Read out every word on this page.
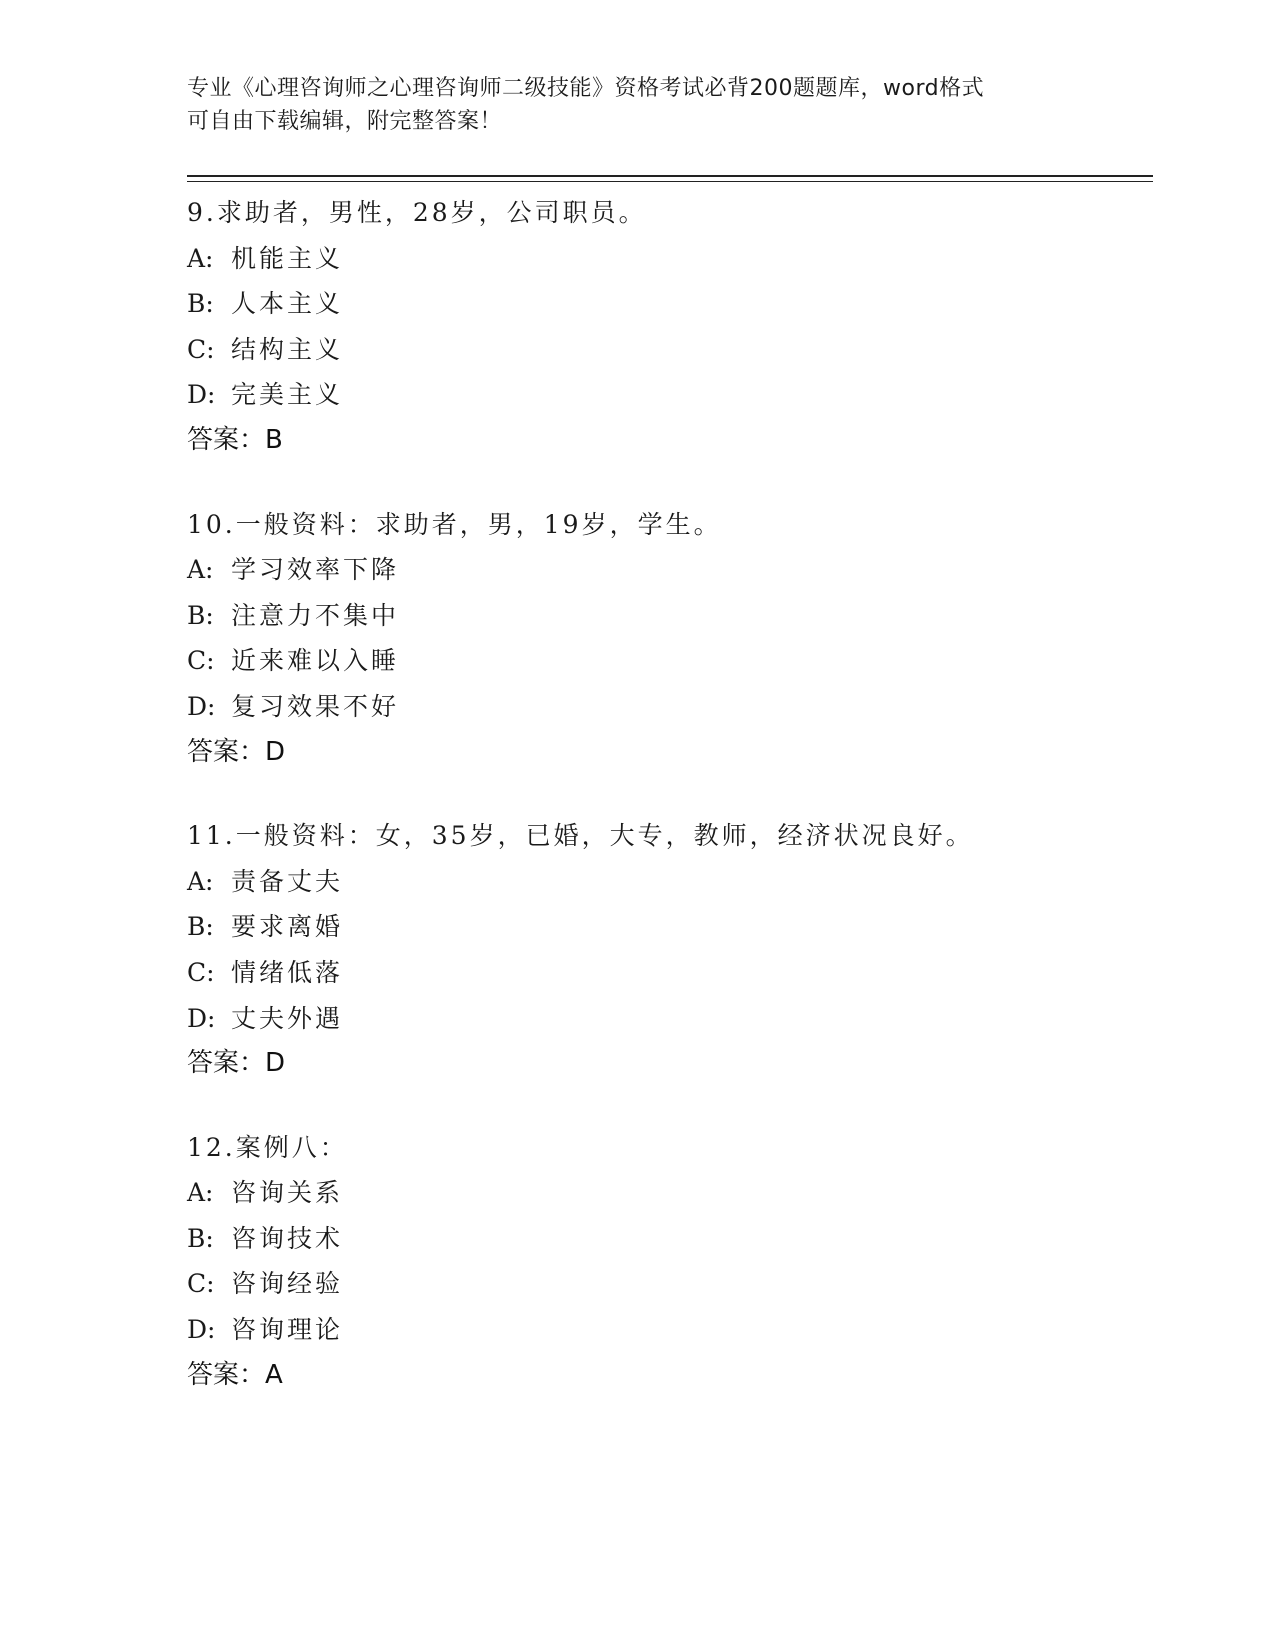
专业《心理咨询师之心理咨询师二级技能》资格考试必背200题题库，word格式
可自由下载编辑，附完整答案！
9.求助者，男性，28岁，公司职员。
A: 机能主义
B: 人本主义
C: 结构主义
D: 完美主义
答案：B
10.一般资料：求助者，男，19岁，学生。
A: 学习效率下降
B: 注意力不集中
C: 近来难以入睡
D: 复习效果不好
答案：D
11.一般资料：女，35岁，已婚，大专，教师，经济状况良好。
A: 责备丈夫
B: 要求离婚
C: 情绪低落
D: 丈夫外遇
答案：D
12.案例八：
A: 咨询关系
B: 咨询技术
C: 咨询经验
D: 咨询理论
答案：A
